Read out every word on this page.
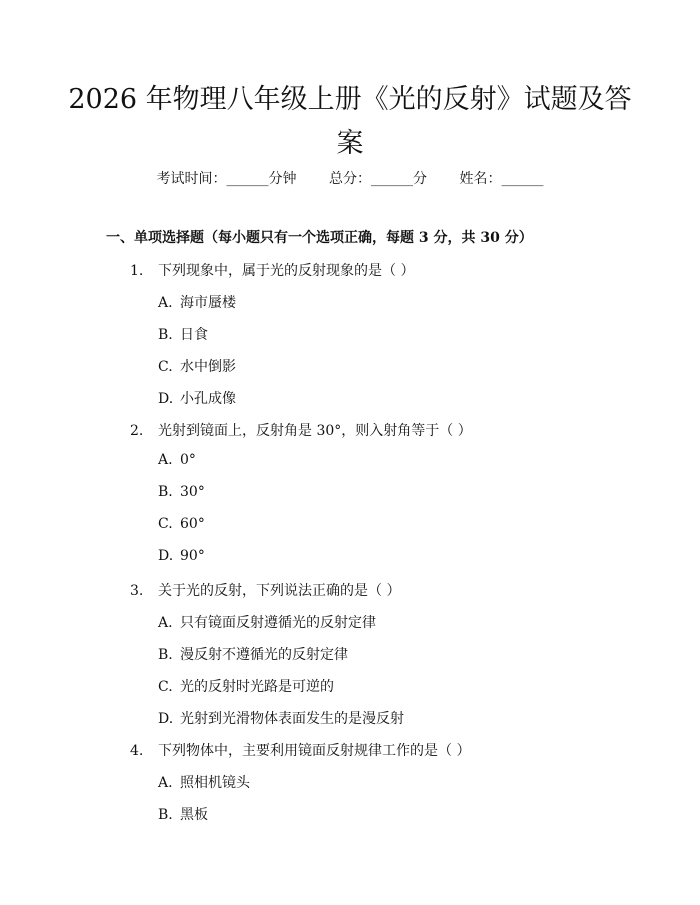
2026 年物理八年级上册《光的反射》试题及答案
考试时间：______分钟 总分：______分 姓名：______
一、单项选择题（每小题只有一个选项正确，每题 3 分，共 30 分）
1. 下列现象中，属于光的反射现象的是（ ）
A. 海市蜃楼
B. 日食
C. 水中倒影
D. 小孔成像
2. 光射到镜面上，反射角是 30°，则入射角等于（ ）
A. 0°
B. 30°
C. 60°
D. 90°
3. 关于光的反射，下列说法正确的是（ ）
A. 只有镜面反射遵循光的反射定律
B. 漫反射不遵循光的反射定律
C. 光的反射时光路是可逆的
D. 光射到光滑物体表面发生的是漫反射
4. 下列物体中，主要利用镜面反射规律工作的是（ ）
A. 照相机镜头
B. 黑板
